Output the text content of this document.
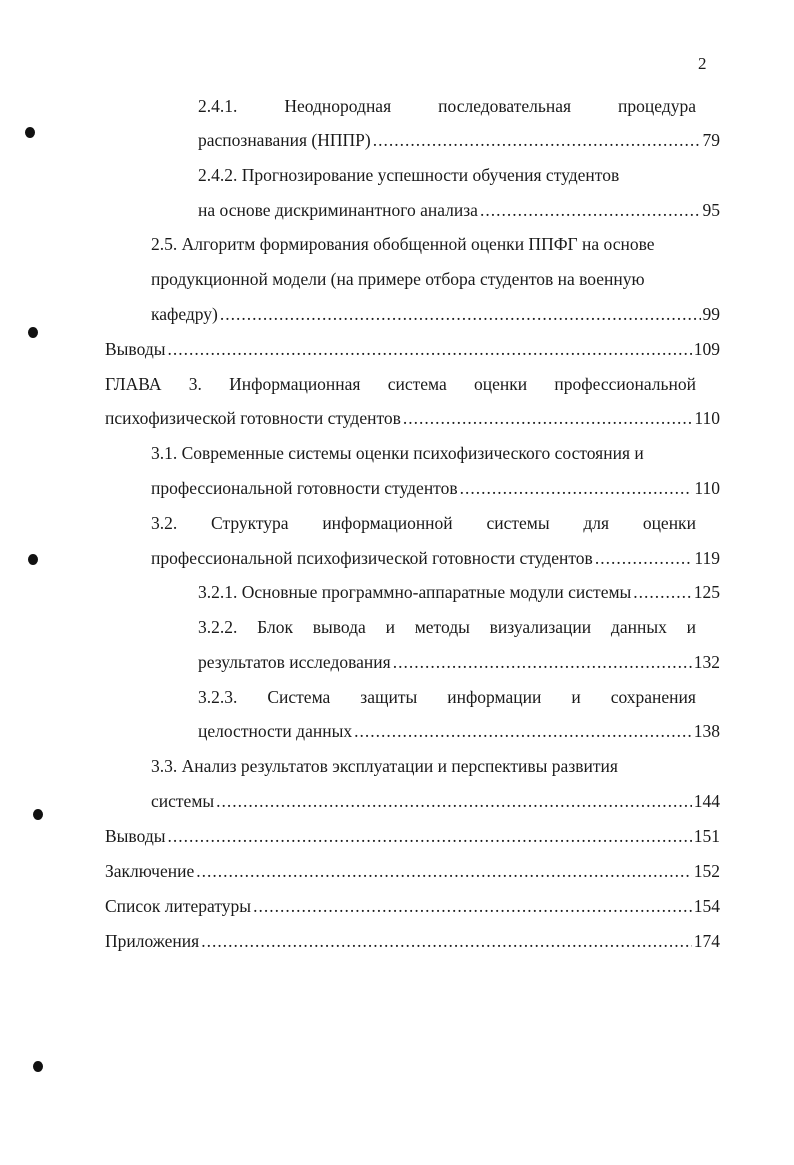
2
2.4.1.	Неоднородная	последовательная	процедура
распознавания (НППР) .....	79
2.4.2. Прогнозирование успешности обучения студентов
на основе дискриминантного анализа .....	95
2.5. Алгоритм формирования обобщенной оценки ППФГ на основе
продукционной модели (на примере отбора студентов на военную
кафедру) .....	99
Выводы .....	109
ГЛАВА 3. Информационная система оценки профессиональной
психофизической готовности студентов .....	110
3.1. Современные системы оценки психофизического состояния и
профессиональной готовности студентов .....	110
3.2. Структура информационной системы для оценки
профессиональной психофизической готовности студентов .....	119
3.2.1. Основные программно-аппаратные модули системы .....	125
3.2.2. Блок вывода и методы визуализации данных и
результатов исследования .....	132
3.2.3. Система защиты информации и сохранения
целостности данных .....	138
3.3. Анализ результатов эксплуатации и перспективы развития
системы .....	144
Выводы .....	151
Заключение .....	152
Список литературы .....	154
Приложения .....	174
